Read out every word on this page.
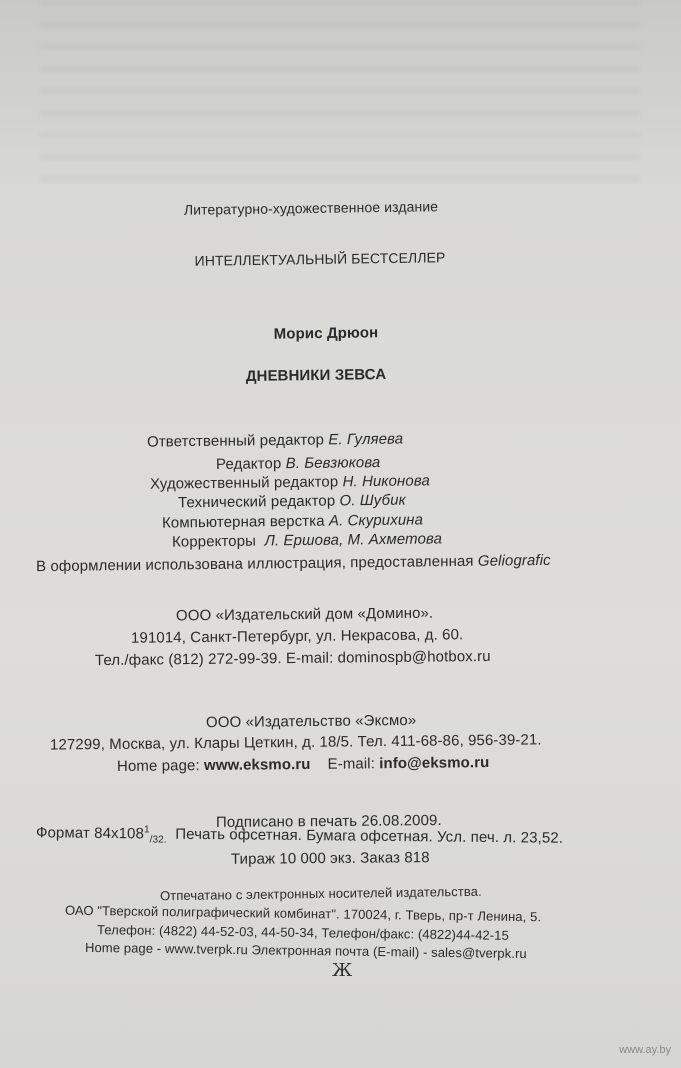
Литературно-художественное издание
ИНТЕЛЛЕКТУАЛЬНЫЙ БЕСТСЕЛЛЕР
Морис Дрюон
ДНЕВНИКИ ЗЕВСА
Ответственный редактор Е. Гуляева
Редактор В. Бевзюкова
Художественный редактор Н. Никонова
Технический редактор О. Шубик
Компьютерная верстка А. Скурихина
Корректоры Л. Ершова, М. Ахметова
В оформлении использована иллюстрация, предоставленная Geliografic
ООО «Издательский дом «Домино».
191014, Санкт-Петербург, ул. Некрасова, д. 60.
Тел./факс (812) 272-99-39. E-mail: dominospb@hotbox.ru
ООО «Издательство «Эксмо»
127299, Москва, ул. Клары Цеткин, д. 18/5. Тел. 411-68-86, 956-39-21.
Home page: www.eksmo.ru E-mail: info@eksmo.ru
Подписано в печать 26.08.2009.
Формат $84х108^1_{/32.}$ Печать офсетная. Бумага офсетная. Усл. печ. л. 23,52.
Тираж 10 000 экз. Заказ 818
Отпечатано с электронных носителей издательства.
ОАО "Тверской полиграфический комбинат". 170024, г. Тверь, пр-т Ленина, 5.
Телефон: (4822) 44-52-03, 44-50-34, Телефон/факс: (4822)44-42-15
Home page - www.tverpk.ru Электронная почта (E-mail) - sales@tverpk.ru
Ж
www.ay.by
